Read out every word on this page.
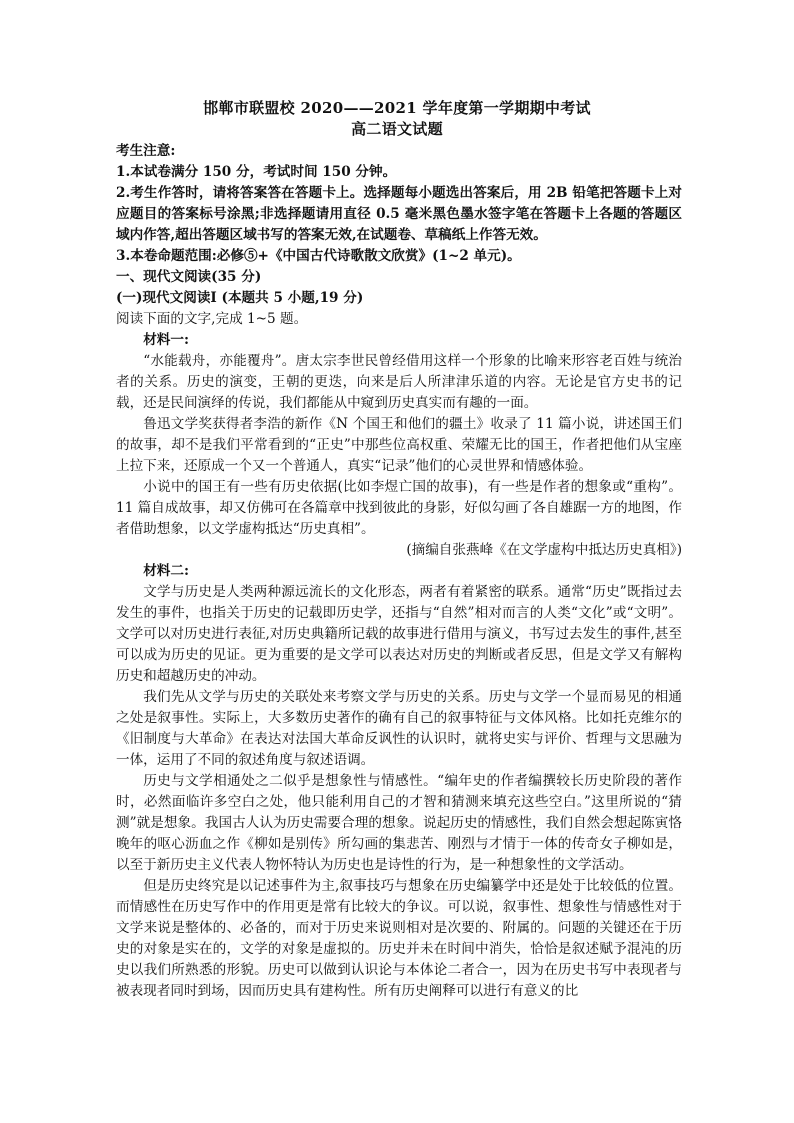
邯郸市联盟校 2020——2021 学年度第一学期期中考试
高二语文试题

考生注意:

1.本试卷满分 150 分，考试时间 150 分钟。

2.考生作答时，请将答案答在答题卡上。选择题每小题选出答案后，用 2B 铅笔把答题卡上对应题目的答案标号涂黑;非选择题请用直径 0.5 毫米黑色墨水签字笔在答题卡上各题的答题区域内作答,超出答题区域书写的答案无效,在试题卷、草稿纸上作答无效。

3.本卷命题范围:必修⑤+《中国古代诗歌散文欣赏》(1~2 单元)。

一、现代文阅读(35 分)

(一)现代文阅读Ⅰ (本题共 5 小题,19 分)

阅读下面的文字,完成 1~5 题。

材料一:

“水能载舟，亦能覆舟”。唐太宗李世民曾经借用这样一个形象的比喻来形容老百姓与统治者的关系。历史的演变，王朝的更迭，向来是后人所津津乐道的内容。无论是官方史书的记载，还是民间演绎的传说，我们都能从中窥到历史真实而有趣的一面。

鲁迅文学奖获得者李浩的新作《N 个国王和他们的疆土》收录了 11 篇小说，讲述国王们的故事，却不是我们平常看到的“正史”中那些位高权重、荣耀无比的国王，作者把他们从宝座上拉下来，还原成一个又一个普通人，真实“记录”他们的心灵世界和情感体验。

小说中的国王有一些有历史依据(比如李煜亡国的故事)，有一些是作者的想象或“重构”。11 篇自成故事，却又仿佛可在各篇章中找到彼此的身影，好似勾画了各自雄踞一方的地图，作者借助想象，以文学虚构抵达“历史真相”。

(摘编自张燕峰《在文学虚构中抵达历史真相》)

材料二:

文学与历史是人类两种源远流长的文化形态，两者有着紧密的联系。通常“历史”既指过去发生的事件，也指关于历史的记载即历史学，还指与“自然”相对而言的人类“文化”或“文明”。文学可以对历史进行表征,对历史典籍所记载的故事进行借用与演义，书写过去发生的事件,甚至可以成为历史的见证。更为重要的是文学可以表达对历史的判断或者反思，但是文学又有解构历史和超越历史的冲动。

我们先从文学与历史的关联处来考察文学与历史的关系。历史与文学一个显而易见的相通之处是叙事性。实际上，大多数历史著作的确有自己的叙事特征与文体风格。比如托克维尔的《旧制度与大革命》在表达对法国大革命反讽性的认识时，就将史实与评价、哲理与文思融为一体，运用了不同的叙述角度与叙述语调。

历史与文学相通处之二似乎是想象性与情感性。“编年史的作者编撰较长历史阶段的著作时，必然面临许多空白之处，他只能利用自己的才智和猜测来填充这些空白。”这里所说的“猜测”就是想象。我国古人认为历史需要合理的想象。说起历史的情感性，我们自然会想起陈寅恪晚年的呕心沥血之作《柳如是别传》所勾画的集悲苦、刚烈与才情于一体的传奇女子柳如是，以至于新历史主义代表人物怀特认为历史也是诗性的行为，是一种想象性的文学活动。

但是历史终究是以记述事件为主,叙事技巧与想象在历史编纂学中还是处于比较低的位置。而情感性在历史写作中的作用更是常有比较大的争议。可以说，叙事性、想象性与情感性对于文学来说是整体的、必备的，而对于历史来说则相对是次要的、附属的。问题的关键还在于历史的对象是实在的，文学的对象是虚拟的。历史并未在时间中消失，恰恰是叙述赋予混沌的历史以我们所熟悉的形貌。历史可以做到认识论与本体论二者合一，因为在历史书写中表现者与被表现者同时到场，因而历史具有建构性。所有历史阐释可以进行有意义的比
